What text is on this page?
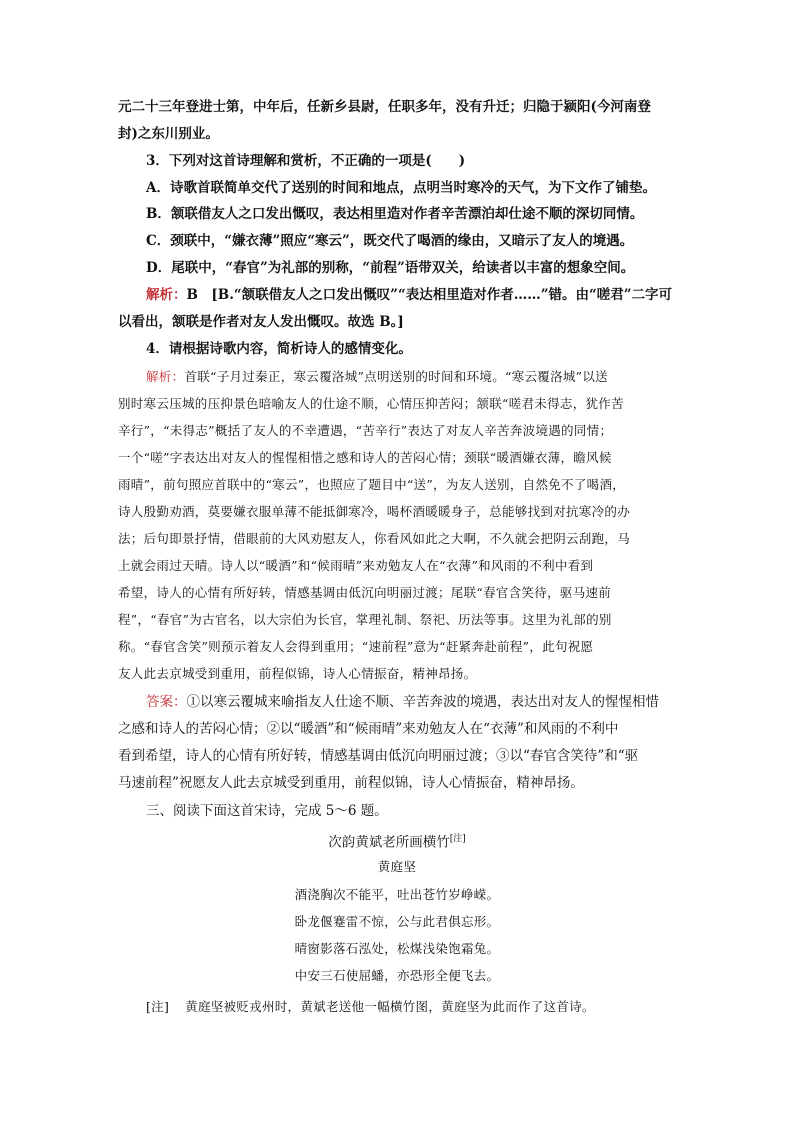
元二十三年登进士第，中年后，任新乡县尉，任职多年，没有升迁；归隐于颍阳(今河南登
封)之东川别业。
3．下列对这首诗理解和赏析，不正确的一项是(　　)
A．诗歌首联简单交代了送别的时间和地点，点明当时寒冷的天气，为下文作了铺垫。
B．颔联借友人之口发出慨叹，表达相里造对作者辛苦漂泊却仕途不顺的深切同情。
C．颈联中，“嫌衣薄”照应“寒云”，既交代了喝酒的缘由，又暗示了友人的境遇。
D．尾联中，“春官”为礼部的别称，“前程”语带双关，给读者以丰富的想象空间。
解析：B　[B.“颔联借友人之口发出慨叹”“表达相里造对作者……”错。由“嗟君”二字可
以看出，颔联是作者对友人发出慨叹。故选 B。]
4．请根据诗歌内容，简析诗人的感情变化。
解析：首联“子月过秦正，寒云覆洛城”点明送别的时间和环境。“寒云覆洛城”以送
别时寒云压城的压抑景色暗喻友人的仕途不顺，心情压抑苦闷；颔联“嗟君未得志，犹作苦
辛行”，“未得志”概括了友人的不幸遭遇，“苦辛行”表达了对友人辛苦奔波境遇的同情；
一个“嗟”字表达出对友人的惺惺相惜之感和诗人的苦闷心情；颈联“暖酒嫌衣薄，瞻风候
雨晴”，前句照应首联中的“寒云”，也照应了题目中“送”，为友人送别，自然免不了喝酒，
诗人殷勤劝酒，莫要嫌衣服单薄不能抵御寒冷，喝杯酒暖暖身子，总能够找到对抗寒冷的办
法；后句即景抒情，借眼前的大风劝慰友人，你看风如此之大啊，不久就会把阴云刮跑，马
上就会雨过天晴。诗人以“暖酒”和“候雨晴”来劝勉友人在“衣薄”和风雨的不利中看到
希望，诗人的心情有所好转，情感基调由低沉向明丽过渡；尾联“春官含笑待，驱马速前
程”，“春官”为古官名，以大宗伯为长官，掌理礼制、祭祀、历法等事。这里为礼部的别
称。“春官含笑”则预示着友人会得到重用；“速前程”意为“赶紧奔赴前程”，此句祝愿
友人此去京城受到重用，前程似锦，诗人心情振奋，精神昂扬。
答案：①以寒云覆城来喻指友人仕途不顺、辛苦奔波的境遇，表达出对友人的惺惺相惜
之感和诗人的苦闷心情；②以“暖酒”和“候雨晴”来劝勉友人在“衣薄”和风雨的不利中
看到希望，诗人的心情有所好转，情感基调由低沉向明丽过渡；③以“春官含笑待”和“驱
马速前程”祝愿友人此去京城受到重用，前程似锦，诗人心情振奋，精神昂扬。
三、阅读下面这首宋诗，完成 5～6 题。
次韵黄斌老所画横竹[注]
黄庭坚
酒浇胸次不能平，吐出苍竹岁峥嵘。
卧龙偃蹇雷不惊，公与此君俱忘形。
晴窗影落石泓处，松煤浅染饱霜兔。
中安三石使屈蟠，亦恐形全便飞去。
[注] 黄庭坚被贬戎州时，黄斌老送他一幅横竹图，黄庭坚为此而作了这首诗。
